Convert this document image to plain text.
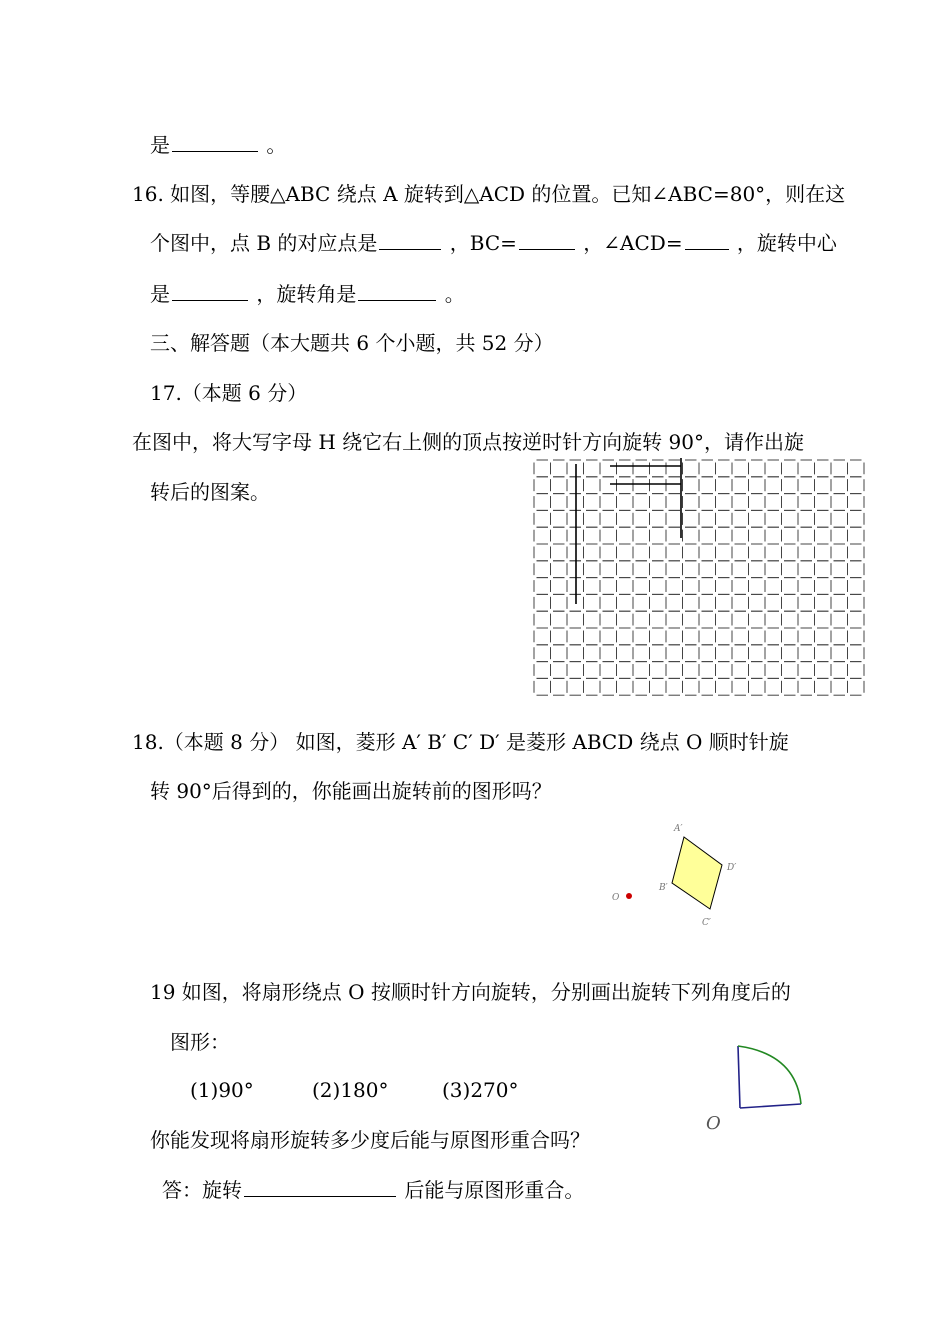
是	。
16. 如图，等腰△ABC 绕点 A 旋转到△ACD 的位置。已知∠ABC=80°，则在这
个图中，点 B 的对应点是	，BC=	，∠ACD= ，旋转中心
是	，旋转角是	。
三、解答题（本大题共 6 个小题，共 52 分）
17.（本题 6 分）
在图中，将大写字母 H 绕它右上侧的顶点按逆时针方向旋转 90°，请作出旋
转后的图案。
18.（本题 8 分） 如图，菱形 A′ B′ C′ D′ 是菱形 ABCD 绕点 O 顺时针旋
转 90°后得到的，你能画出旋转前的图形吗？
A′
D′
B′
C′
O
19 如图，将扇形绕点 O 按顺时针方向旋转，分别画出旋转下列角度后的
图形：
(1)90°	(2)180°	(3)270°
O
你能发现将扇形旋转多少度后能与原图形重合吗？
答：旋转	后能与原图形重合。
